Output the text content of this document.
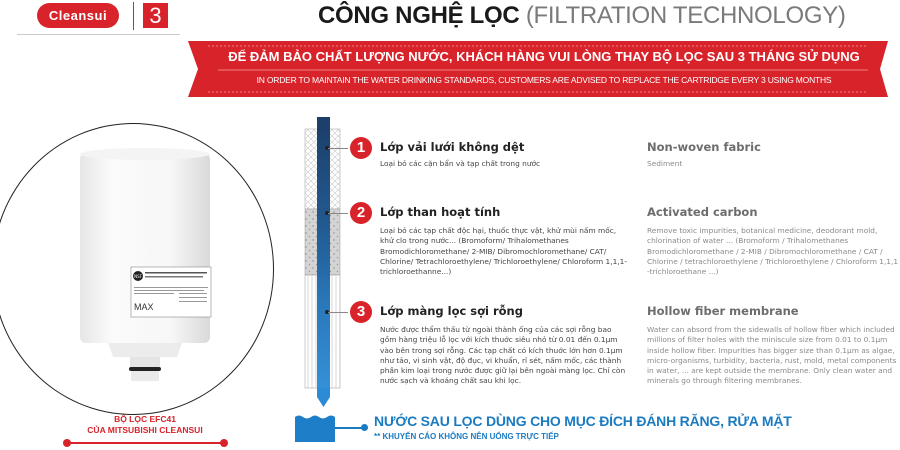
Cleansui	3	CÔNG NGHỆ LỌC (FILTRATION TECHNOLOGY)
ĐỂ ĐẢM BẢO CHẤT LƯỢNG NƯỚC, KHÁCH HÀNG VUI LÒNG THAY BỘ LỌC SAU 3 THÁNG SỬ DỤNG
IN ORDER TO MAINTAIN THE WATER DRINKING STANDARDS, CUSTOMERS ARE ADVISED TO REPLACE THE CARTRIDGE EVERY 3 USING MONTHS
NSF
MAX
BỘ LỌC EFC41
CỦA MITSUBISHI CLEANSUI
1	Lớp vải lưới không dệt
Loại bỏ các cặn bẩn và tạp chất trong nước
Non-woven fabric
Sediment
2	Lớp than hoạt tính
Loại bỏ các tạp chất độc hại, thuốc thực vật, khử mùi nấm mốc, khử clo trong nước... (Bromoform/ Trihalomethanes Bromodichloromethane/ 2-MIB/ Dibromochloromethane/ CAT/ Chlorine/ Tetrachloroethylene/ Trichloroethylene/ Chloroform 1,1,1-trichloroethanne...)
Activated carbon
Remove toxic impurities, botanical medicine, deodorant mold, chlorination of water ... (Bromoform / Trihalomethanes Bromodichloromethane / 2-MIB / Dibromochloromethane / CAT / Chlorine / tetrachloroethylene / Trichloroethylene / Chloroform 1,1,1 -trichloroethane ...)
3	Lớp màng lọc sợi rỗng
Nước được thẩm thấu từ ngoài thành ống của các sợi rỗng bao gồm hàng triệu lỗ lọc với kích thuớc siêu nhỏ từ 0.01 đến 0.1μm vào bên trong sợi rỗng. Các tạp chất có kích thuớc lớn hơn 0.1μm như tảo, vi sinh vật, độ đục, vi khuẩn, rỉ sét, nấm mốc, các thành phần kim loại trong nước được giữ lại bên ngoài màng lọc. Chỉ còn nước sạch và khoáng chất sau khi lọc.
Hollow fiber membrane
Water can absord from the sidewalls of hollow fiber which included millions of filter holes with the miniscule size from 0.01 to 0.1μm inside hollow fiber. Impurities has bigger size than 0.1μm as algae, micro-organisms, turbidity, bacteria, rust, mold, metal components in water, ... are kept outside the membrane. Only clean water and minerals go through filtering membranes.
NƯỚC SAU LỌC DÙNG CHO MỤC ĐÍCH ĐÁNH RĂNG, RỬA MẶT
** KHUYẾN CÁO KHÔNG NÊN UỐNG TRỰC TIẾP
